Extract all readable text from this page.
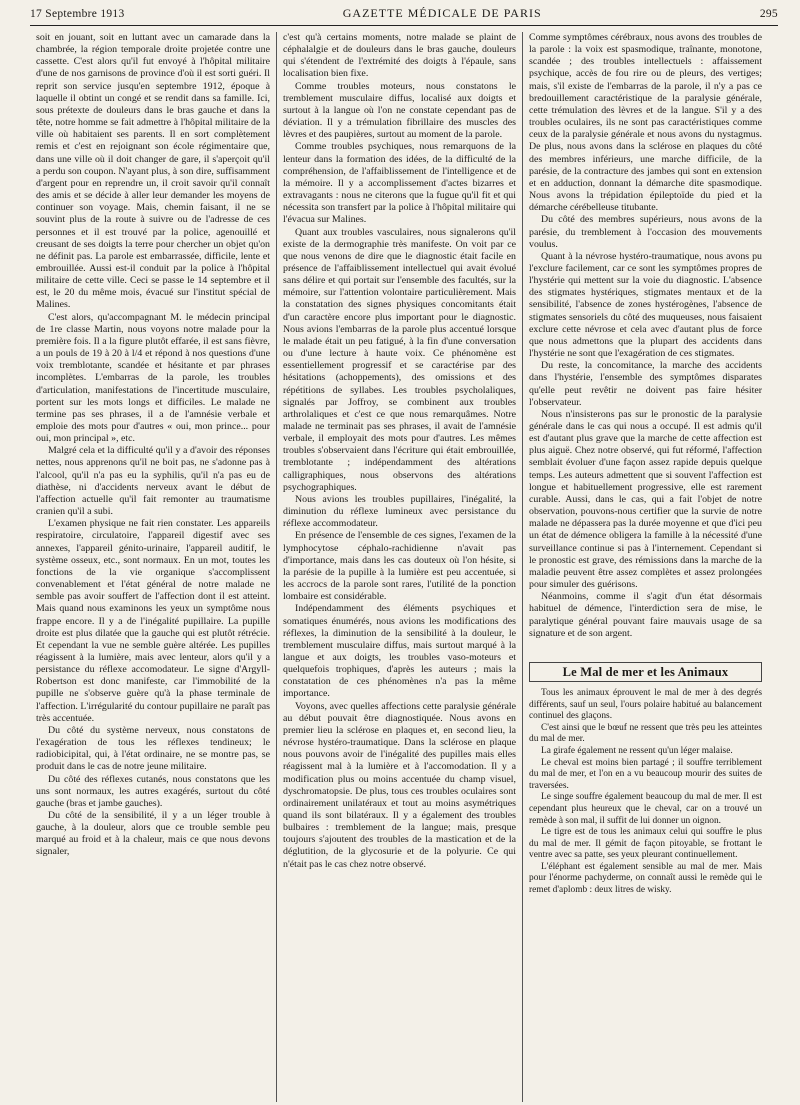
17 Septembre 1913	GAZETTE MÉDICALE DE PARIS	295

soit en jouant, soit en luttant avec un camarade dans la chambrée, la région temporale droite projetée contre une cassette. C'est alors qu'il fut envoyé à l'hôpital militaire d'une de nos garnisons de province d'où il est sorti guéri. Il reprit son service jusqu'en septembre 1912, époque à laquelle il obtint un congé et se rendit dans sa famille. Ici, sous prétexte de douleurs dans le bras gauche et dans la tête, notre homme se fait admettre à l'hôpital militaire de la ville où habitaient ses parents. Il en sort complètement remis et c'est en rejoignant son école régimentaire que, dans une ville où il doit changer de gare, il s'aperçoit qu'il a perdu son coupon. N'ayant plus, à son dire, suffisamment d'argent pour en reprendre un, il croit savoir qu'il connaît des amis et se décide à aller leur demander les moyens de continuer son voyage. Mais, chemin faisant, il ne se souvint plus de la route à suivre ou de l'adresse de ces personnes et il est trouvé par la police, agenouillé et creusant de ses doigts la terre pour chercher un objet qu'on ne définit pas. La parole est embarrassée, difficile, lente et embrouillée. Aussi est-il conduit par la police à l'hôpital militaire de cette ville. Ceci se passe le 14 septembre et il est, le 20 du même mois, évacué sur l'institut spécial de Malines.

C'est alors, qu'accompagnant M. le médecin principal de 1re classe Martin, nous voyons notre malade pour la première fois. Il a la figure plutôt effarée, il est sans fièvre, a un pouls de 19 à 20 à l/4 et répond à nos questions d'une voix tremblotante, scandée et hésitante et par phrases incomplètes. L'embarras de la parole, les troubles d'articulation, manifestations de l'incertitude musculaire, portent sur les mots longs et difficiles. Le malade ne termine pas ses phrases, il a de l'amnésie verbale et emploie des mots pour d'autres « oui, mon prince... pour oui, mon principal », etc.

Malgré cela et la difficulté qu'il y a d'avoir des réponses nettes, nous apprenons qu'il ne boit pas, ne s'adonne pas à l'alcool, qu'il n'a pas eu la syphilis, qu'il n'a pas eu de diathèse, ni d'accidents nerveux avant le début de l'affection actuelle qu'il fait remonter au traumatisme cranien qu'il a subi.

L'examen physique ne fait rien constater. Les appareils respiratoire, circulatoire, l'appareil digestif avec ses annexes, l'appareil génito-urinaire, l'appareil auditif, le système osseux, etc., sont normaux. En un mot, toutes les fonctions de la vie organique s'accomplissent convenablement et l'état général de notre malade ne semble pas avoir souffert de l'affection dont il est atteint. Mais quand nous examinons les yeux un symptôme nous frappe encore. Il y a de l'inégalité pupillaire. La pupille droite est plus dilatée que la gauche qui est plutôt rétrécie. Et cependant la vue ne semble guère altérée. Les pupilles réagissent à la lumière, mais avec lenteur, alors qu'il y a persistance du réflexe accomodateur. Le signe d'Argyll-Robertson est donc manifeste, car l'immobilité de la pupille ne s'observe guère qu'à la phase terminale de l'affection. L'irrégularité du contour pupillaire ne paraît pas très accentuée.

Du côté du système nerveux, nous constatons de l'exagération de tous les réflexes tendineux; le radiobicipital, qui, à l'état ordinaire, ne se montre pas, se produit dans le cas de notre jeune militaire.

Du côté des réflexes cutanés, nous constatons que les uns sont normaux, les autres exagérés, surtout du côté gauche (bras et jambe gauches).

Du côté de la sensibilité, il y a un léger trouble à gauche, à la douleur, alors que ce trouble semble peu marqué au froid et à la chaleur, mais ce que nous devons signaler,

c'est qu'à certains moments, notre malade se plaint de céphalalgie et de douleurs dans le bras gauche, douleurs qui s'étendent de l'extrémité des doigts à l'épaule, sans localisation bien fixe.

Comme troubles moteurs, nous constatons le tremblement musculaire diffus, localisé aux doigts et surtout à la langue où l'on ne constate cependant pas de déviation. Il y a trémulation fibrillaire des muscles des lèvres et des paupières, surtout au moment de la parole.

Comme troubles psychiques, nous remarquons de la lenteur dans la formation des idées, de la difficulté de la compréhension, de l'affaiblissement de l'intelligence et de la mémoire. Il y a accomplissement d'actes bizarres et extravagants : nous ne citerons que la fugue qu'il fit et qui nécessita son transfert par la police à l'hôpital militaire qui l'évacua sur Malines.

Quant aux troubles vasculaires, nous signalerons qu'il existe de la dermographie très manifeste. On voit par ce que nous venons de dire que le diagnostic était facile en présence de l'affaiblissement intellectuel qui avait évolué sans délire et qui portait sur l'ensemble des facultés, sur la mémoire, sur l'attention volontaire particulièrement. Mais la constatation des signes physiques concomitants était d'un caractère encore plus important pour le diagnostic. Nous avions l'embarras de la parole plus accentué lorsque le malade était un peu fatigué, à la fin d'une conversation ou d'une lecture à haute voix. Ce phénomène est essentiellement progressif et se caractérise par des hésitations (achoppements), des omissions et des répétitions de syllabes. Les troubles psycholaliques, signalés par Joffroy, se combinent aux troubles arthrolaliques et c'est ce que nous remarquâmes. Notre malade ne terminait pas ses phrases, il avait de l'amnésie verbale, il employait des mots pour d'autres. Les mêmes troubles s'observaient dans l'écriture qui était embrouillée, tremblotante ; indépendamment des altérations calligraphiques, nous observons des altérations psychographiques.

Nous avions les troubles pupillaires, l'inégalité, la diminution du réflexe lumineux avec persistance du réflexe accommodateur.

En présence de l'ensemble de ces signes, l'examen de la lymphocytose céphalo-rachidienne n'avait pas d'importance, mais dans les cas douteux où l'on hésite, si la parésie de la pupille à la lumière est peu accentuée, si les accrocs de la parole sont rares, l'utilité de la ponction lombaire est considérable.

Indépendamment des éléments psychiques et somatiques énumérés, nous avions les modifications des réflexes, la diminution de la sensibilité à la douleur, le tremblement musculaire diffus, mais surtout marqué à la langue et aux doigts, les troubles vaso-moteurs et quelquefois trophiques, d'après les auteurs ; mais la constatation de ces phénomènes n'a pas la même importance.

Voyons, avec quelles affections cette paralysie générale au début pouvait être diagnostiquée. Nous avons en premier lieu la sclérose en plaques et, en second lieu, la névrose hystéro-traumatique. Dans la sclérose en plaque nous pouvons avoir de l'inégalité des pupilles mais elles réagissent mal à la lumière et à l'accomodation. Il y a modification plus ou moins accentuée du champ visuel, dyschromatopsie. De plus, tous ces troubles oculaires sont ordinairement unilatéraux et tout au moins asymétriques quand ils sont bilatéraux. Il y a également des troubles bulbaires : tremblement de la langue; mais, presque toujours s'ajoutent des troubles de la mastication et de la déglutition, de la glycosurie et de la polyurie. Ce qui n'était pas le cas chez notre observé.

Comme symptômes cérébraux, nous avons des troubles de la parole : la voix est spasmodique, traînante, monotone, scandée ; des troubles intellectuels : affaissement psychique, accès de fou rire ou de pleurs, des vertiges; mais, s'il existe de l'embarras de la parole, il n'y a pas ce bredouillement caractéristique de la paralysie générale, cette trémulation des lèvres et de la langue. S'il y a des troubles oculaires, ils ne sont pas caractéristiques comme ceux de la paralysie générale et nous avons du nystagmus. De plus, nous avons dans la sclérose en plaques du côté des membres inférieurs, une marche difficile, de la parésie, de la contracture des jambes qui sont en extension et en adduction, donnant la démarche dite spasmodique. Nous avons la trépidation épileptoïde du pied et la démarche cérébelleuse titubante.

Du côté des membres supérieurs, nous avons de la parésie, du tremblement à l'occasion des mouvements voulus.

Quant à la névrose hystéro-traumatique, nous avons pu l'exclure facilement, car ce sont les symptômes propres de l'hystérie qui mettent sur la voie du diagnostic. L'absence des stigmates hystériques, stigmates mentaux et de la sensibilité, l'absence de zones hystérogènes, l'absence de stigmates sensoriels du côté des muqueuses, nous faisaient exclure cette névrose et cela avec d'autant plus de force que nous admettons que la plupart des accidents dans l'hystérie ne sont que l'exagération de ces stigmates.

Du reste, la concomitance, la marche des accidents dans l'hystérie, l'ensemble des symptômes disparates qu'elle peut revêtir ne doivent pas faire hésiter l'observateur.

Nous n'insisterons pas sur le pronostic de la paralysie générale dans le cas qui nous a occupé. Il est admis qu'il est d'autant plus grave que la marche de cette affection est plus aiguë. Chez notre observé, qui fut réformé, l'affection semblait évoluer d'une façon assez rapide depuis quelque temps. Les auteurs admettent que si souvent l'affection est longue et habituellement progressive, elle est rarement curable. Aussi, dans le cas, qui a fait l'objet de notre observation, pouvons-nous certifier que la survie de notre malade ne dépassera pas la durée moyenne et que d'ici peu un état de démence obligera la famille à la nécessité d'une surveillance continue si pas à l'internement. Cependant si le pronostic est grave, des rémissions dans la marche de la maladie peuvent être assez complètes et assez prolongées pour simuler des guérisons.

Néanmoins, comme il s'agit d'un état désormais habituel de démence, l'interdiction sera de mise, le paralytique général pouvant faire mauvais usage de sa signature et de son argent.

Le Mal de mer et les Animaux

Tous les animaux éprouvent le mal de mer à des degrés différents, sauf un seul, l'ours polaire habitué au balancement continuel des glaçons.

C'est ainsi que le bœuf ne ressent que très peu les atteintes du mal de mer.

La girafe également ne ressent qu'un léger malaise.

Le cheval est moins bien partagé ; il souffre terriblement du mal de mer, et l'on en a vu beaucoup mourir des suites de traversées.

Le singe souffre également beaucoup du mal de mer. Il est cependant plus heureux que le cheval, car on a trouvé un remède à son mal, il suffit de lui donner un oignon.

Le tigre est de tous les animaux celui qui souffre le plus du mal de mer. Il gémit de façon pitoyable, se frottant le ventre avec sa patte, ses yeux pleurant continuellement.

L'éléphant est également sensible au mal de mer. Mais pour l'énorme pachyderme, on connaît aussi le remède qui le remet d'aplomb : deux litres de wisky.
